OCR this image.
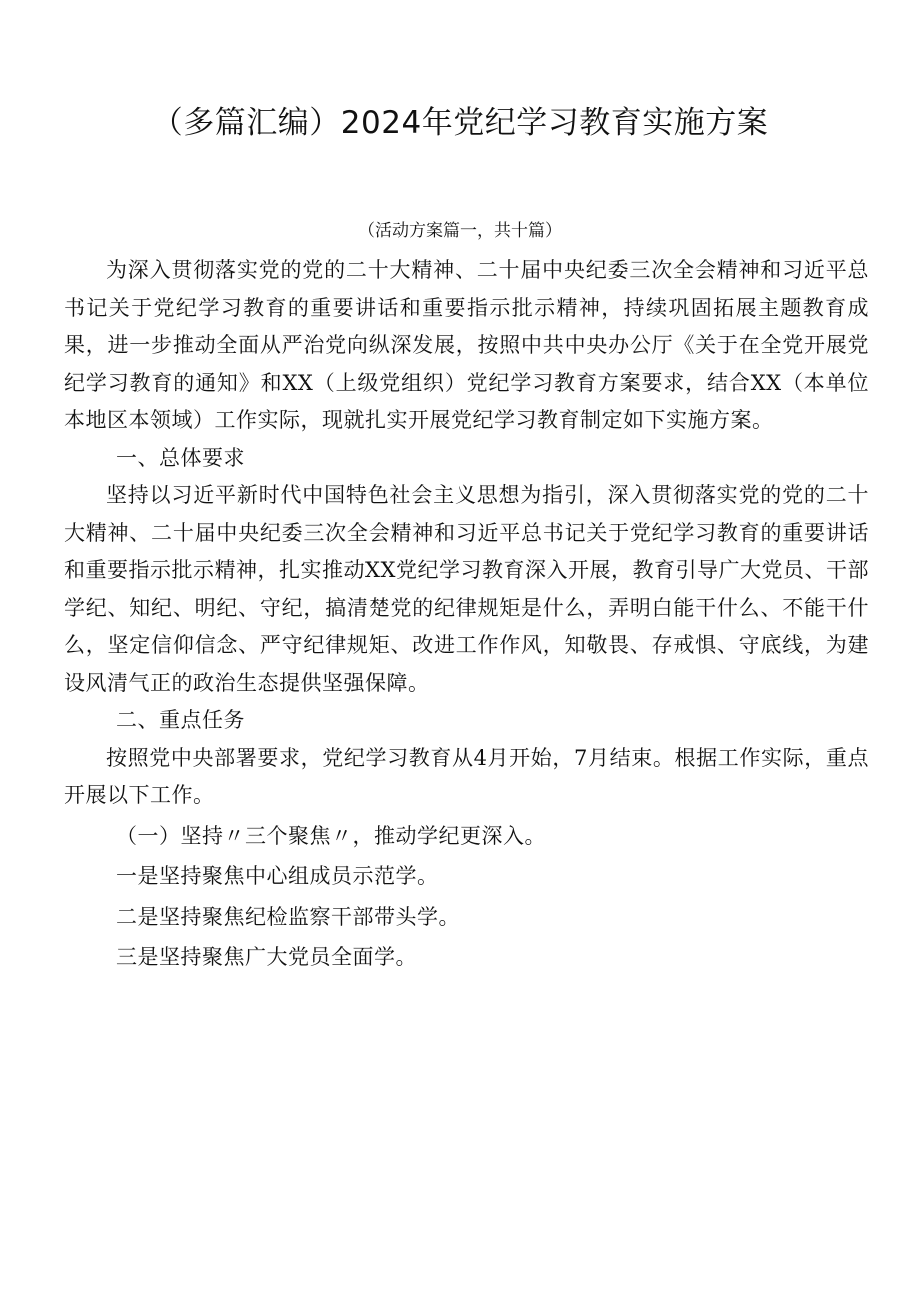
（多篇汇编）2024年党纪学习教育实施方案

（活动方案篇一，共十篇）

为深入贯彻落实党的党的二十大精神、二十届中央纪委三次全会精神和习近平总书记关于党纪学习教育的重要讲话和重要指示批示精神，持续巩固拓展主题教育成果，进一步推动全面从严治党向纵深发展，按照中共中央办公厅《关于在全党开展党纪学习教育的通知》和XX（上级党组织）党纪学习教育方案要求，结合XX（本单位本地区本领域）工作实际，现就扎实开展党纪学习教育制定如下实施方案。

一、总体要求

坚持以习近平新时代中国特色社会主义思想为指引，深入贯彻落实党的党的二十大精神、二十届中央纪委三次全会精神和习近平总书记关于党纪学习教育的重要讲话和重要指示批示精神，扎实推动XX党纪学习教育深入开展，教育引导广大党员、干部学纪、知纪、明纪、守纪，搞清楚党的纪律规矩是什么，弄明白能干什么、不能干什么，坚定信仰信念、严守纪律规矩、改进工作作风，知敬畏、存戒惧、守底线，为建设风清气正的政治生态提供坚强保障。

二、重点任务

按照党中央部署要求，党纪学习教育从4月开始，7月结束。根据工作实际，重点开展以下工作。

（一）坚持〃三个聚焦〃，推动学纪更深入。

一是坚持聚焦中心组成员示范学。

二是坚持聚焦纪检监察干部带头学。

三是坚持聚焦广大党员全面学。
